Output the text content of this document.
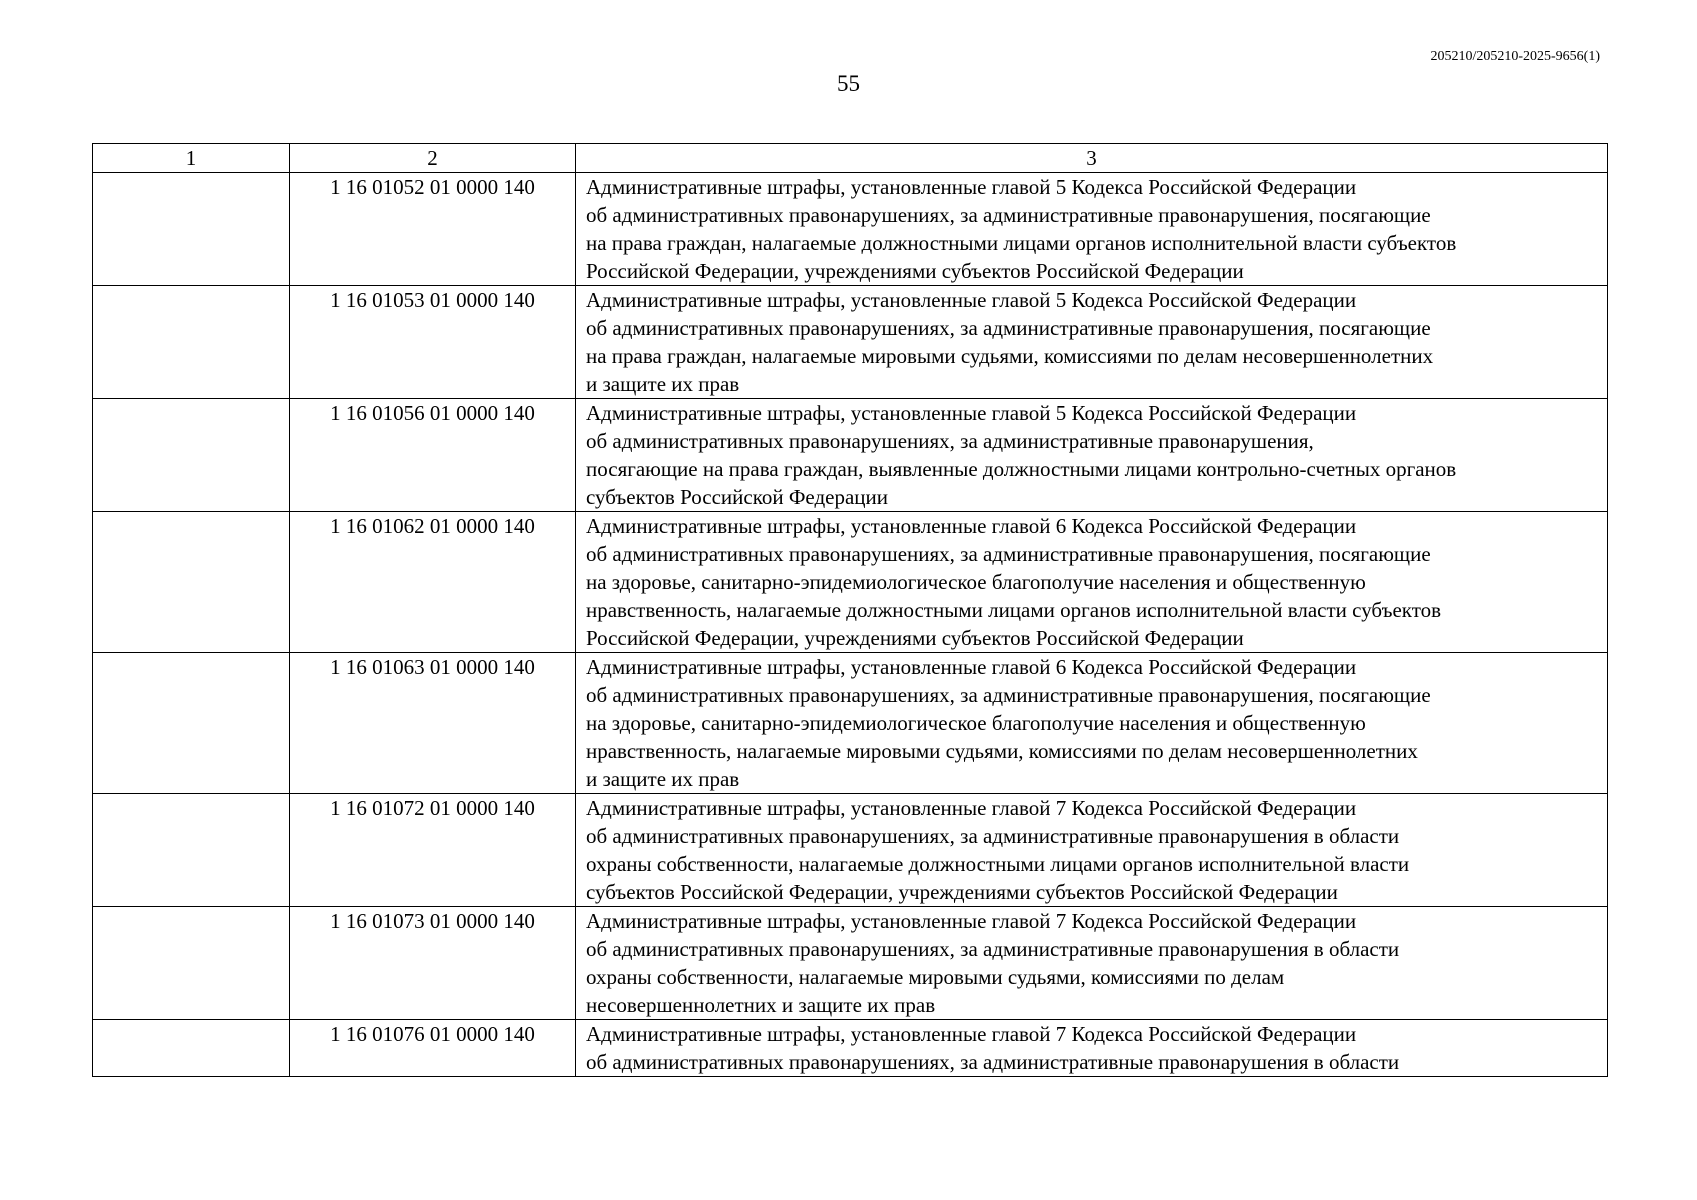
205210/205210-2025-9656(1)
55
1	2	3
	1 16 01052 01 0000 140	Административные штрафы, установленные главой 5 Кодекса Российской Федерации
об административных правонарушениях, за административные правонарушения, посягающие
на права граждан, налагаемые должностными лицами органов исполнительной власти субъектов
Российской Федерации, учреждениями субъектов Российской Федерации

	1 16 01053 01 0000 140	Административные штрафы, установленные главой 5 Кодекса Российской Федерации
об административных правонарушениях, за административные правонарушения, посягающие
на права граждан, налагаемые мировыми судьями, комиссиями по делам несовершеннолетних
и защите их прав

	1 16 01056 01 0000 140	Административные штрафы, установленные главой 5 Кодекса Российской Федерации
об административных правонарушениях, за административные правонарушения,
посягающие на права граждан, выявленные должностными лицами контрольно-счетных органов
субъектов Российской Федерации

	1 16 01062 01 0000 140	Административные штрафы, установленные главой 6 Кодекса Российской Федерации
об административных правонарушениях, за административные правонарушения, посягающие
на здоровье, санитарно-эпидемиологическое благополучие населения и общественную
нравственность, налагаемые должностными лицами органов исполнительной власти субъектов
Российской Федерации, учреждениями субъектов Российской Федерации

	1 16 01063 01 0000 140	Административные штрафы, установленные главой 6 Кодекса Российской Федерации
об административных правонарушениях, за административные правонарушения, посягающие
на здоровье, санитарно-эпидемиологическое благополучие населения и общественную
нравственность, налагаемые мировыми судьями, комиссиями по делам несовершеннолетних
и защите их прав

	1 16 01072 01 0000 140	Административные штрафы, установленные главой 7 Кодекса Российской Федерации
об административных правонарушениях, за административные правонарушения в области
охраны собственности, налагаемые должностными лицами органов исполнительной власти
субъектов Российской Федерации, учреждениями субъектов Российской Федерации

	1 16 01073 01 0000 140	Административные штрафы, установленные главой 7 Кодекса Российской Федерации
об административных правонарушениях, за административные правонарушения в области
охраны собственности, налагаемые мировыми судьями, комиссиями по делам
несовершеннолетних и защите их прав

	1 16 01076 01 0000 140	Административные штрафы, установленные главой 7 Кодекса Российской Федерации
об административных правонарушениях, за административные правонарушения в области
